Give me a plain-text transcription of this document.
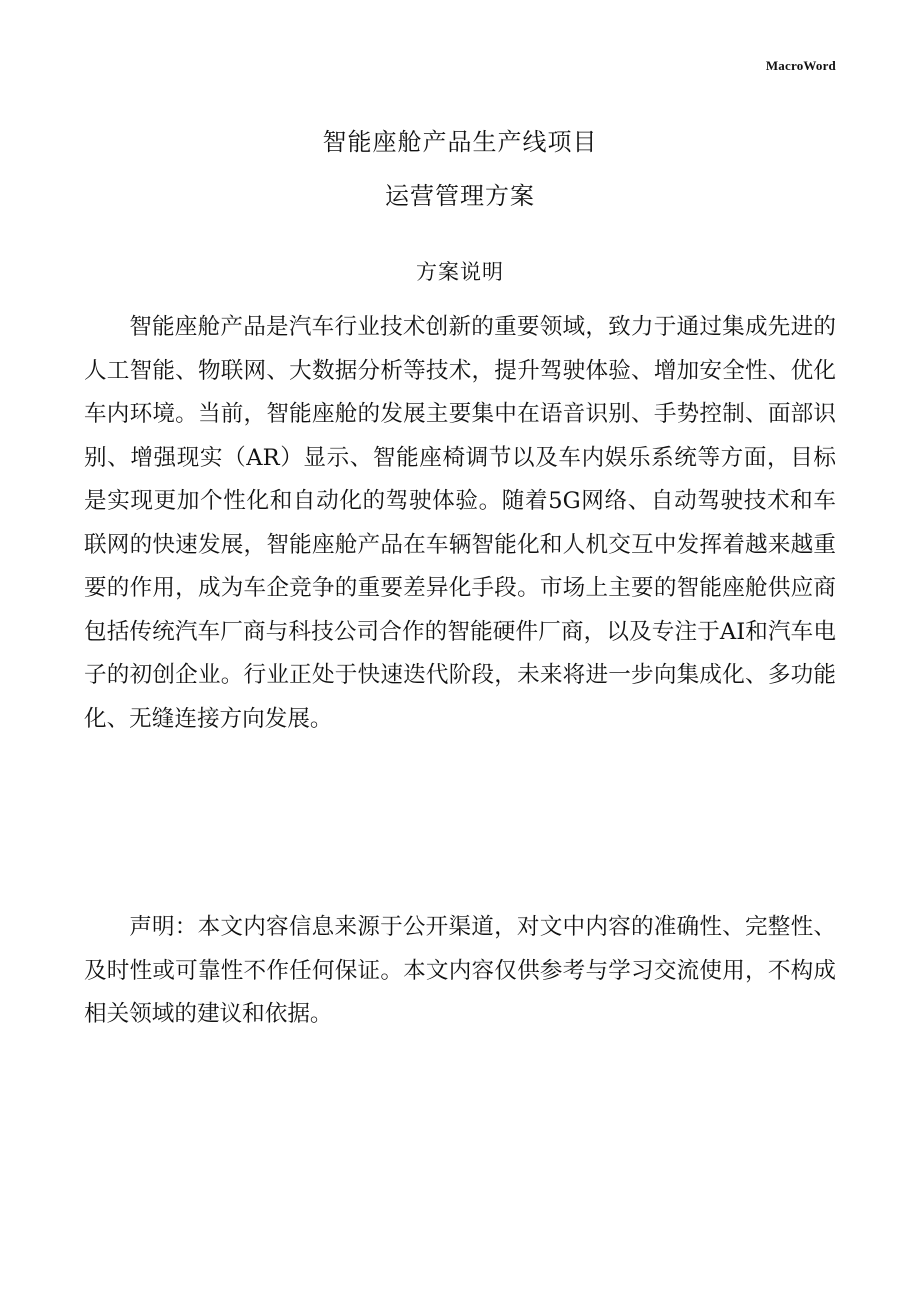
MacroWord
智能座舱产品生产线项目
运营管理方案
方案说明

智能座舱产品是汽车行业技术创新的重要领域，致力于通过集成先进的人工智能、物联网、大数据分析等技术，提升驾驶体验、增加安全性、优化车内环境。当前，智能座舱的发展主要集中在语音识别、手势控制、面部识别、增强现实（AR）显示、智能座椅调节以及车内娱乐系统等方面，目标是实现更加个性化和自动化的驾驶体验。随着5G网络、自动驾驶技术和车联网的快速发展，智能座舱产品在车辆智能化和人机交互中发挥着越来越重要的作用，成为车企竞争的重要差异化手段。市场上主要的智能座舱供应商包括传统汽车厂商与科技公司合作的智能硬件厂商，以及专注于AI和汽车电子的初创企业。行业正处于快速迭代阶段，未来将进一步向集成化、多功能化、无缝连接方向发展。

声明：本文内容信息来源于公开渠道，对文中内容的准确性、完整性、及时性或可靠性不作任何保证。本文内容仅供参考与学习交流使用，不构成相关领域的建议和依据。
